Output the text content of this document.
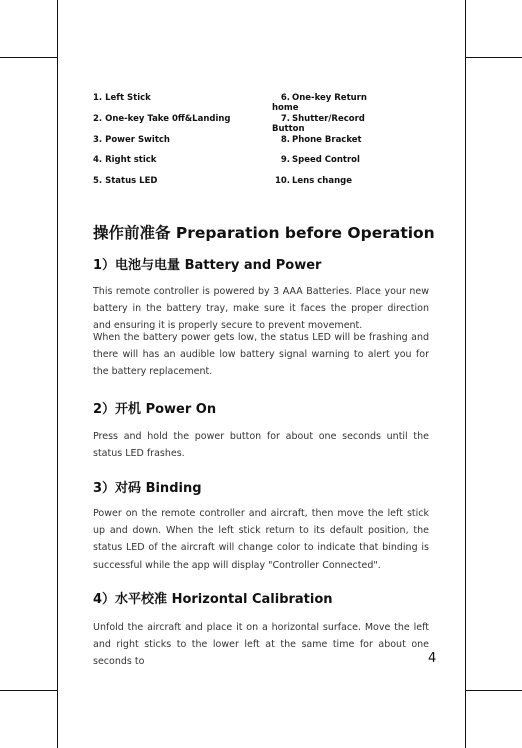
1. Left Stick
2. One-key Take 0ff&Landing
3. Power Switch
4. Right stick
5. Status LED
6. One-key Return home
7. Shutter/Record Button
8. Phone Bracket
9. Speed Control
10. Lens change
操作前准备 Preparation before Operation
1）电池与电量 Battery and Power

This remote controller is powered by 3 AAA Batteries. Place your new battery in the battery tray, make sure it faces the proper direction and ensuring it is properly secure to prevent movement.

When the battery power gets low, the status LED will be frashing and there will has an audible low battery signal warning to alert you for the battery replacement.

2）开机 Power On

Press and hold the power button for about one seconds until the status LED frashes.

3）对码 Binding

Power on the remote controller and aircraft, then move the left stick up and down. When the left stick return to its default position, the status LED of the aircraft will change color to indicate that binding is successful while the app will display "Controller Connected".

4）水平校准 Horizontal Calibration

Unfold the aircraft and place it on a horizontal surface. Move the left and right sticks to the lower left at the same time for about one seconds to	4
